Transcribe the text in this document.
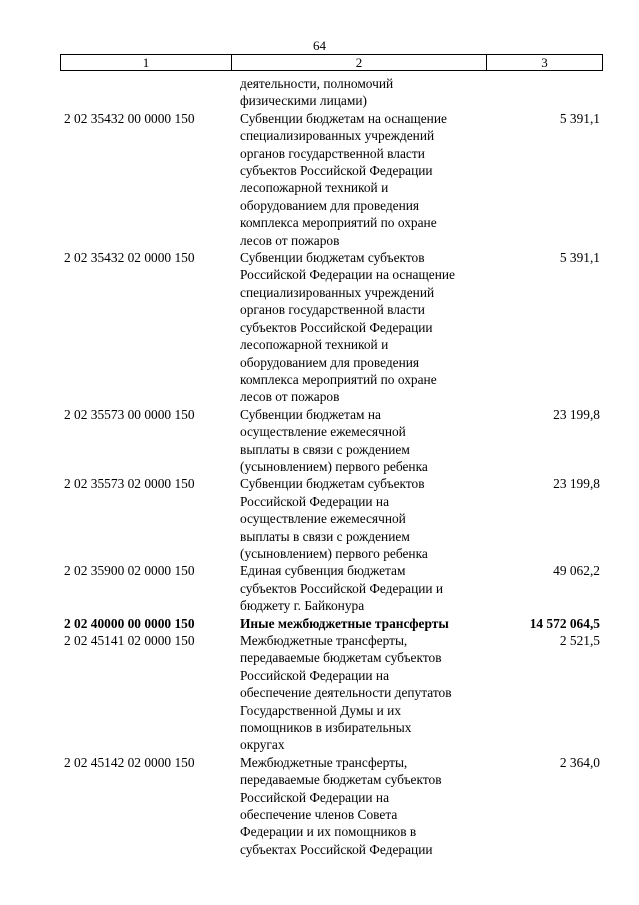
64
1	2	3
деятельности, полномочий
физическими лицами)
2 02 35432 00 0000 150	Субвенции бюджетам на оснащение
специализированных учреждений
органов государственной власти
субъектов Российской Федерации
лесопожарной техникой и
оборудованием для проведения
комплекса мероприятий по охране
лесов от пожаров
5 391,1
2 02 35432 02 0000 150	Субвенции бюджетам субъектов
Российской Федерации на оснащение
специализированных учреждений
органов государственной власти
субъектов Российской Федерации
лесопожарной техникой и
оборудованием для проведения
комплекса мероприятий по охране
лесов от пожаров
5 391,1
2 02 35573 00 0000 150	Субвенции бюджетам на
осуществление ежемесячной
выплаты в связи с рождением
(усыновлением) первого ребенка
23 199,8
2 02 35573 02 0000 150	Субвенции бюджетам субъектов
Российской Федерации на
осуществление ежемесячной
выплаты в связи с рождением
(усыновлением) первого ребенка
23 199,8
2 02 35900 02 0000 150	Единая субвенция бюджетам
субъектов Российской Федерации и
бюджету г. Байконура
49 062,2
2 02 40000 00 0000 150	Иные межбюджетные трансферты	14 572 064,5
2 02 45141 02 0000 150	Межбюджетные трансферты,
передаваемые бюджетам субъектов
Российской Федерации на
обеспечение деятельности депутатов
Государственной Думы и их
помощников в избирательных
округах
2 521,5
2 02 45142 02 0000 150	Межбюджетные трансферты,
передаваемые бюджетам субъектов
Российской Федерации на
обеспечение членов Совета
Федерации и их помощников в
субъектах Российской Федерации
2 364,0
